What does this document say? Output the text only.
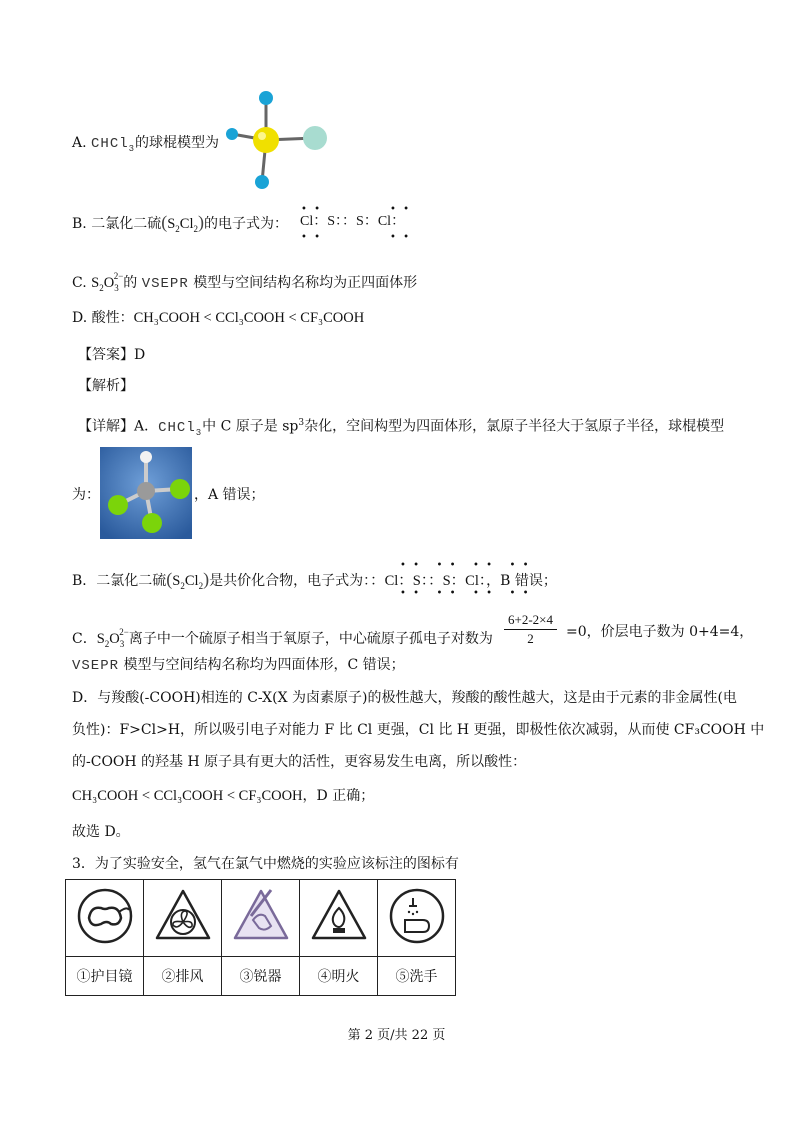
A. CHCl$_3$的球棍模型为
B. 二氯化二硫$(S_2Cl_2)$的电子式为： Cl：S：：S：Cl：
• •
• •
• •
• •
C. $S_2O_3^{2-}$的 VSEPR 模型与空间结构名称均为正四面体形
D. 酸性：CH₃COOH < CCl₃COOH < CF₃COOH
【答案】D
【解析】
【详解】A．CHCl$_3$中 C 原子是 $sp^3$杂化，空间构型为四面体形，氯原子半径大于氢原子半径，球棍模型
为：	，A 错误；
B．二氯化二硫$(S_2Cl_2)$是共价化合物，电子式为：：Cl：S：：S：Cl：，B 错误；
• •   • •   • •   • •
• •   • •   • •   • •
C．$S_2O_3^{2-}$离子中一个硫原子相当于氧原子，中心硫原子孤电子对数为 $\frac{6+2-2\times 4}{2} =0$，价层电子数为 0+4=4，
VSEPR 模型与空间结构名称均为四面体形，C 错误；
D．与羧酸(-COOH)相连的 C-X(X 为卤素原子)的极性越大，羧酸的酸性越大，这是由于元素的非金属性(电
负性)：F>Cl>H，所以吸引电子对能力 F 比 Cl 更强，Cl 比 H 更强，即极性依次减弱，从而使 CF₃COOH 中
的-COOH 的羟基 H 原子具有更大的活性，更容易发生电离，所以酸性：
CH₃COOH < CCl₃COOH < CF₃COOH，D 正确；
故选 D。
3．为了实验安全，氢气在氯气中燃烧的实验应该标注的图标有

①护目镜	②排风	③锐器	④明火	⑤洗手
第 2 页/共 22 页
